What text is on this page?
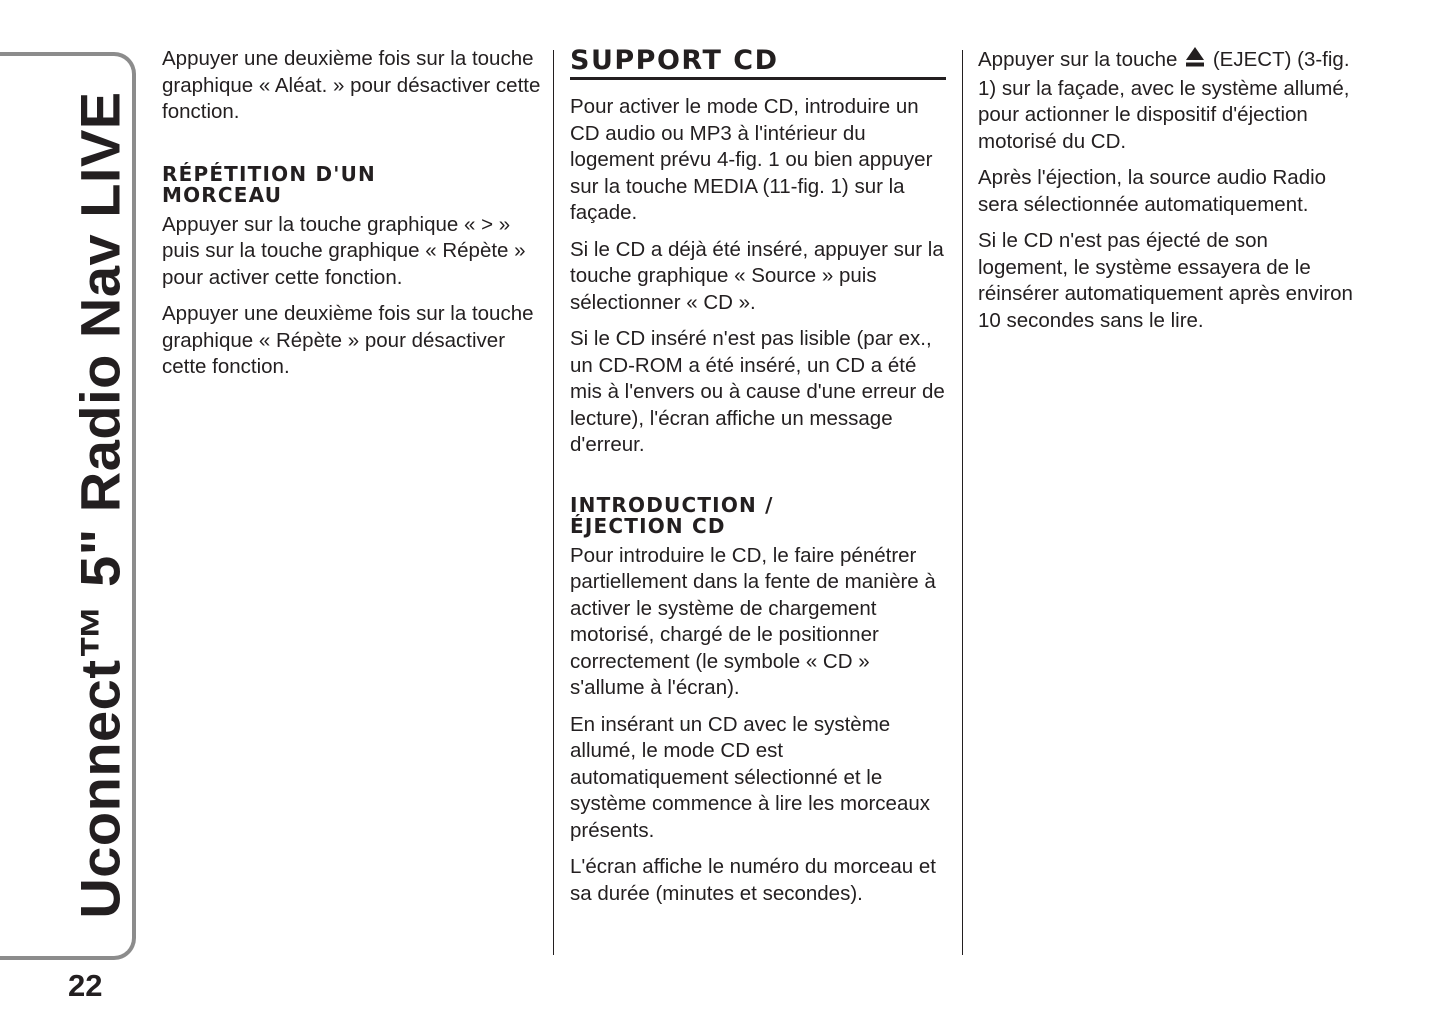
Uconnect™ 5" Radio Nav LIVE
22

Appuyer une deuxième fois sur la touche graphique « Aléat. » pour désactiver cette fonction.

RÉPÉTITION D'UN
MORCEAU

Appuyer sur la touche graphique « > » puis sur la touche graphique « Répète » pour activer cette fonction.

Appuyer une deuxième fois sur la touche graphique « Répète » pour désactiver cette fonction.

SUPPORT CD

Pour activer le mode CD, introduire un CD audio ou MP3 à l'intérieur du logement prévu 4-fig. 1 ou bien appuyer sur la touche MEDIA (11-fig. 1) sur la façade.

Si le CD a déjà été inséré, appuyer sur la touche graphique « Source » puis sélectionner « CD ».

Si le CD inséré n'est pas lisible (par ex., un CD-ROM a été inséré, un CD a été mis à l'envers ou à cause d'une erreur de lecture), l'écran affiche un message d'erreur.

INTRODUCTION /
ÉJECTION CD

Pour introduire le CD, le faire pénétrer partiellement dans la fente de manière à activer le système de chargement motorisé, chargé de le positionner correctement (le symbole « CD » s'allume à l'écran).

En insérant un CD avec le système allumé, le mode CD est automatiquement sélectionné et le système commence à lire les morceaux présents.

L'écran affiche le numéro du morceau et sa durée (minutes et secondes).

Appuyer sur la touche (EJECT) (3-fig. 1) sur la façade, avec le système allumé, pour actionner le dispositif d'éjection motorisé du CD.

Après l'éjection, la source audio Radio sera sélectionnée automatiquement.

Si le CD n'est pas éjecté de son logement, le système essayera de le réinsérer automatiquement après environ 10 secondes sans le lire.
